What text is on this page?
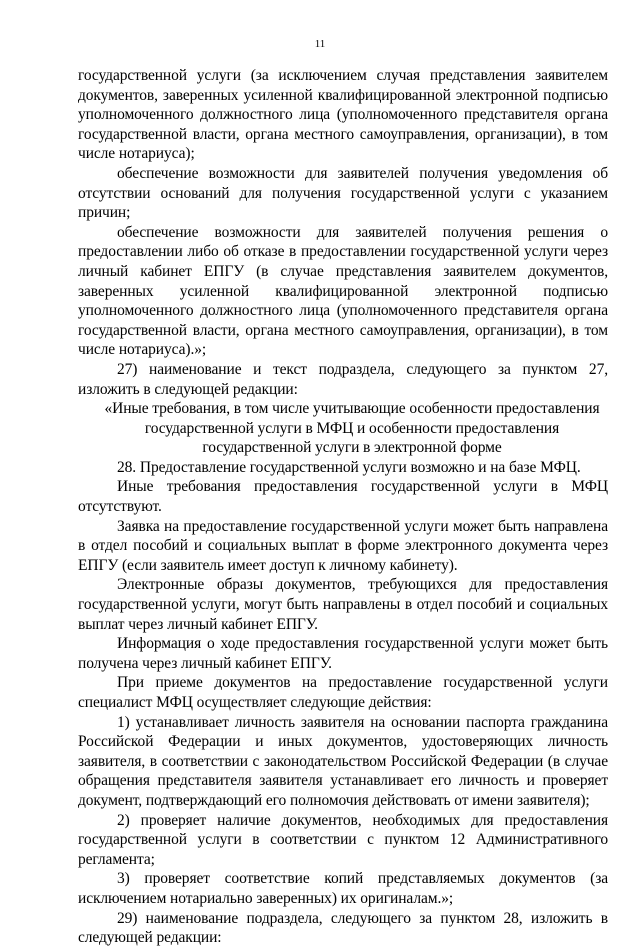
11
государственной услуги (за исключением случая представления заявителем документов, заверенных усиленной квалифицированной электронной подписью уполномоченного должностного лица (уполномоченного представителя органа государственной власти, органа местного самоуправления, организации), в том числе нотариуса);
обеспечение возможности для заявителей получения уведомления об отсутствии оснований для получения государственной услуги с указанием причин;
обеспечение возможности для заявителей получения решения о предоставлении либо об отказе в предоставлении государственной услуги через личный кабинет ЕПГУ (в случае представления заявителем документов, заверенных усиленной квалифицированной электронной подписью уполномоченного должностного лица (уполномоченного представителя органа государственной власти, органа местного самоуправления, организации), в том числе нотариуса).»;
27) наименование и текст подраздела, следующего за пунктом 27, изложить в следующей редакции:
«Иные требования, в том числе учитывающие особенности предоставления государственной услуги в МФЦ и особенности предоставления государственной услуги в электронной форме
28. Предоставление государственной услуги возможно и на базе МФЦ.
Иные требования предоставления государственной услуги в МФЦ отсутствуют.
Заявка на предоставление государственной услуги может быть направлена в отдел пособий и социальных выплат в форме электронного документа через ЕПГУ (если заявитель имеет доступ к личному кабинету).
Электронные образы документов, требующихся для предоставления государственной услуги, могут быть направлены в отдел пособий и социальных выплат через личный кабинет ЕПГУ.
Информация о ходе предоставления государственной услуги может быть получена через личный кабинет ЕПГУ.
При приеме документов на предоставление государственной услуги специалист МФЦ осуществляет следующие действия:
1) устанавливает личность заявителя на основании паспорта гражданина Российской Федерации и иных документов, удостоверяющих личность заявителя, в соответствии с законодательством Российской Федерации (в случае обращения представителя заявителя устанавливает его личность и проверяет документ, подтверждающий его полномочия действовать от имени заявителя);
2) проверяет наличие документов, необходимых для предоставления государственной услуги в соответствии с пунктом 12 Административного регламента;
3) проверяет соответствие копий представляемых документов (за исключением нотариально заверенных) их оригиналам.»;
29) наименование подраздела, следующего за пунктом 28, изложить в следующей редакции:
